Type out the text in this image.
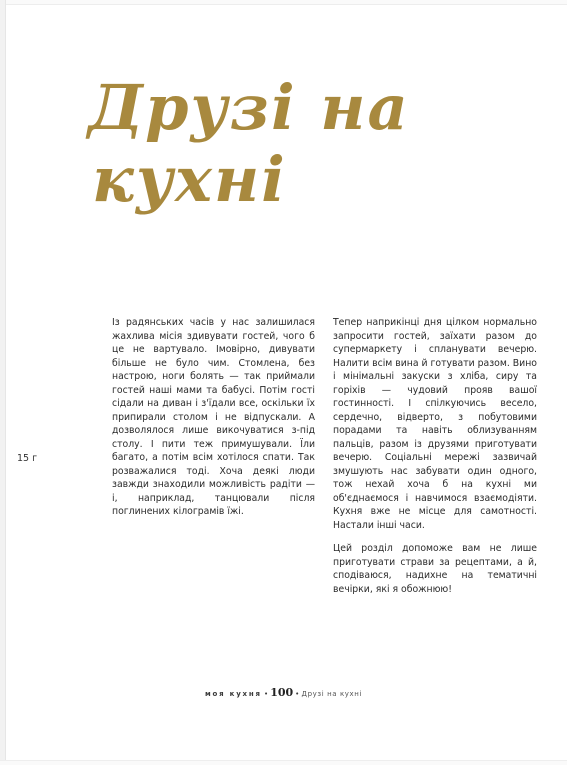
Друзі на
кухні
15 г

Із радянських часів у нас залишилася жахлива місія здивувати гостей, чого б це не вартувало. Імовірно, дивувати більше не було чим. Стомлена, без настрою, ноги болять — так приймали гостей наші мами та бабусі. Потім гості сідали на диван і з'їдали все, оскільки їх припирали столом і не відпускали. А дозволялося лише викочуватися з-під столу. І пити теж примушували. Їли багато, а потім всім хотілося спати. Так розважалися тоді. Хоча деякі люди завжди знаходили можливість радіти — і, наприклад, танцювали після поглинених кілограмів їжі.

Тепер наприкінці дня цілком нормально запросити гостей, заїхати разом до супермаркету і спланувати вечерю. Налити всім вина й готувати разом. Вино і мінімальні закуски з хліба, сиру та горіхів — чудовий прояв вашої гостинності. І спілкуючись весело, сердечно, відверто, з побутовими порадами та навіть облизуванням пальців, разом із друзями приготувати вечерю. Соціальні мережі зазвичай змушують нас забувати один одного, тож нехай хоча б на кухні ми об'єднаємося і навчимося взаємодіяти. Кухня вже не місце для самотності. Настали інші часи.

Цей розділ допоможе вам не лише приготувати страви за рецептами, а й, сподіваюся, надихне на тематичні вечірки, які я обожнюю!

моя кухня • 100 • Друзі на кухні
